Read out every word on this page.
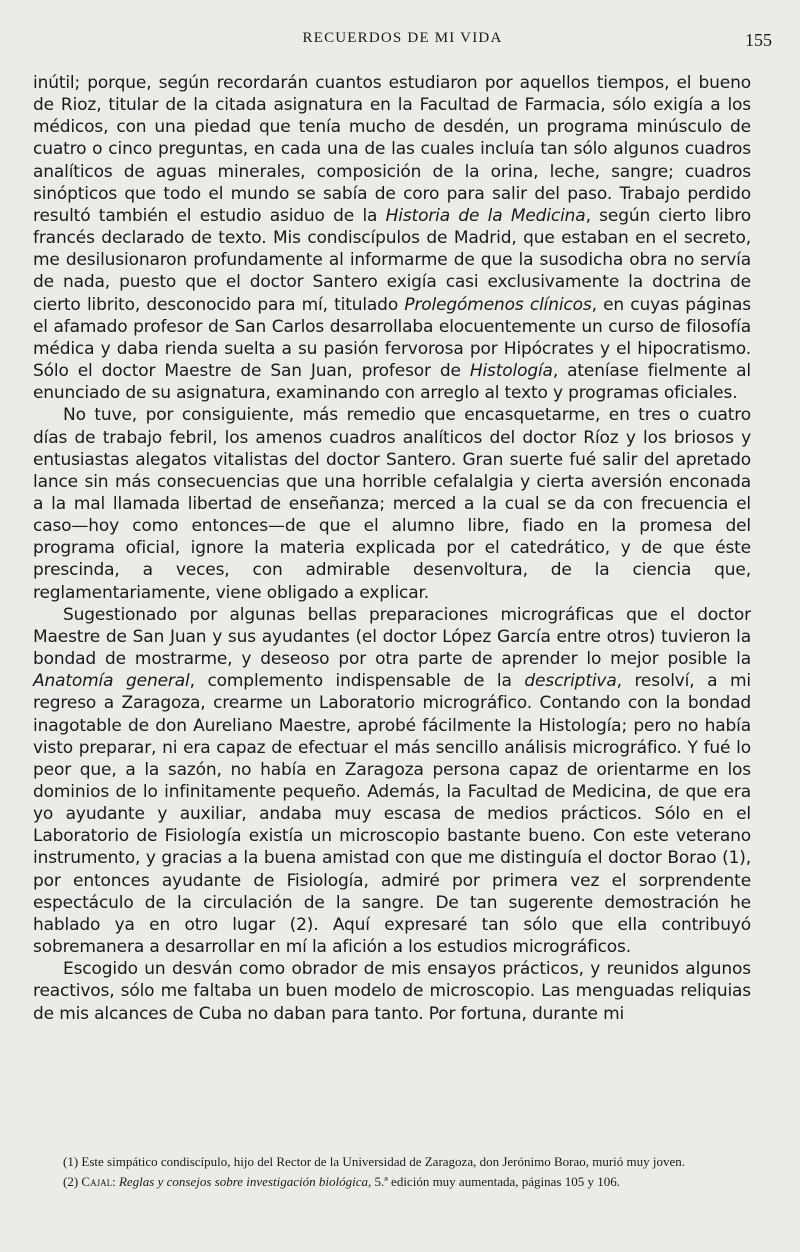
RECUERDOS DE MI VIDA	155

inútil; porque, según recordarán cuantos estudiaron por aquellos tiempos, el bueno de Rioz, titular de la citada asignatura en la Facultad de Farmacia, sólo exigía a los médicos, con una piedad que tenía mucho de desdén, un programa minúsculo de cuatro o cinco preguntas, en cada una de las cuales incluía tan sólo algunos cuadros analíticos de aguas minerales, composición de la orina, leche, sangre; cuadros sinópticos que todo el mundo se sabía de coro para salir del paso. Trabajo perdido resultó también el estudio asiduo de la Historia de la Medicina, según cierto libro francés declarado de texto. Mis condiscípulos de Madrid, que estaban en el secreto, me desilusionaron profundamente al informarme de que la susodicha obra no servía de nada, puesto que el doctor Santero exigía casi exclusivamente la doctrina de cierto librito, desconocido para mí, titulado Prolegómenos clínicos, en cuyas páginas el afamado profesor de San Carlos desarrollaba elocuentemente un curso de filosofía médica y daba rienda suelta a su pasión fervorosa por Hipócrates y el hipocratismo. Sólo el doctor Maestre de San Juan, profesor de Histología, ateníase fielmente al enunciado de su asignatura, examinando con arreglo al texto y programas oficiales.

No tuve, por consiguiente, más remedio que encasquetarme, en tres o cuatro días de trabajo febril, los amenos cuadros analíticos del doctor Ríoz y los briosos y entusiastas alegatos vitalistas del doctor Santero. Gran suerte fué salir del apretado lance sin más consecuencias que una horrible cefalalgia y cierta aversión enconada a la mal llamada libertad de enseñanza; merced a la cual se da con frecuencia el caso—hoy como entonces—de que el alumno libre, fiado en la promesa del programa oficial, ignore la materia explicada por el catedrático, y de que éste prescinda, a veces, con admirable desenvoltura, de la ciencia que, reglamentariamente, viene obligado a explicar.

Sugestionado por algunas bellas preparaciones micrográficas que el doctor Maestre de San Juan y sus ayudantes (el doctor López García entre otros) tuvieron la bondad de mostrarme, y deseoso por otra parte de aprender lo mejor posible la Anatomía general, complemento indispensable de la descriptiva, resolví, a mi regreso a Zaragoza, crearme un Laboratorio micrográfico. Contando con la bondad inagotable de don Aureliano Maestre, aprobé fácilmente la Histología; pero no había visto preparar, ni era capaz de efectuar el más sencillo análisis micrográfico. Y fué lo peor que, a la sazón, no había en Zaragoza persona capaz de orientarme en los dominios de lo infinitamente pequeño. Además, la Facultad de Medicina, de que era yo ayudante y auxiliar, andaba muy escasa de medios prácticos. Sólo en el Laboratorio de Fisiología existía un microscopio bastante bueno. Con este veterano instrumento, y gracias a la buena amistad con que me distinguía el doctor Borao (1), por entonces ayudante de Fisiología, admiré por primera vez el sorprendente espectáculo de la circulación de la sangre. De tan sugerente demostración he hablado ya en otro lugar (2). Aquí expresaré tan sólo que ella contribuyó sobremanera a desarrollar en mí la afición a los estudios micrográficos.

Escogido un desván como obrador de mis ensayos prácticos, y reunidos algunos reactivos, sólo me faltaba un buen modelo de microscopio. Las menguadas reliquias de mis alcances de Cuba no daban para tanto. Por fortuna, durante mi

(1) Este simpático condiscípulo, hijo del Rector de la Universidad de Zaragoza, don Jerónimo Borao, murió muy joven.

(2) Cajal: Reglas y consejos sobre investigación biológica, 5.ª edición muy aumentada, páginas 105 y 106.
